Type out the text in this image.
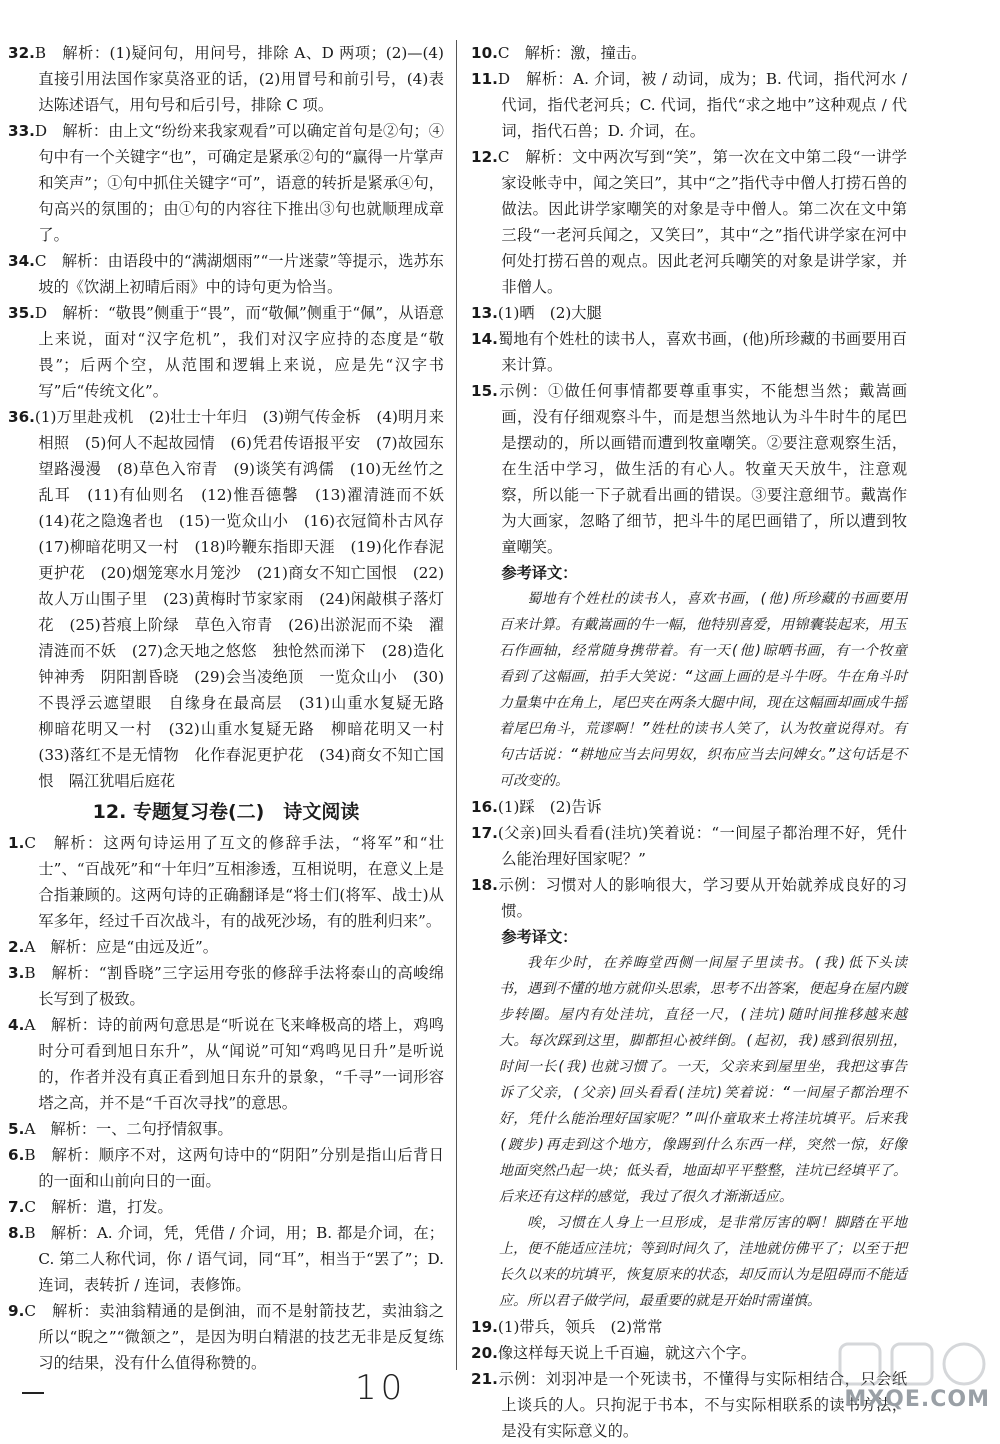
32.B　解析：(1)疑问句，用问号，排除 A、D 两项；(2)—(4)直接引用法国作家莫洛亚的话，(2)用冒号和前引号，(4)表达陈述语气，用句号和后引号，排除 C 项。
33.D　解析：由上文“纷纷来我家观看”可以确定首句是②句；④句中有一个关键字“也”，可确定是紧承②句的“赢得一片掌声和笑声”；①句中抓住关键字“可”，语意的转折是紧承④句，句高兴的氛围的；由①句的内容往下推出③句也就顺理成章了。
34.C　解析：由语段中的“满湖烟雨”“一片迷蒙”等提示，选苏东坡的《饮湖上初晴后雨》中的诗句更为恰当。
35.D　解析：“敬畏”侧重于“畏”，而“敬佩”侧重于“佩”，从语意上来说，面对“汉字危机”，我们对汉字应持的态度是“敬畏”；后两个空，从范围和逻辑上来说，应是先“汉字书写”后“传统文化”。
36.(1)万里赴戎机　(2)壮士十年归　(3)朔气传金柝　(4)明月来相照　(5)何人不起故园情　(6)凭君传语报平安　(7)故园东望路漫漫　(8)草色入帘青　(9)谈笑有鸿儒　(10)无丝竹之乱耳　(11)有仙则名　(12)惟吾德馨　(13)濯清涟而不妖　(14)花之隐逸者也　(15)一览众山小　(16)衣冠简朴古风存　(17)柳暗花明又一村　(18)吟鞭东指即天涯　(19)化作春泥更护花　(20)烟笼寒水月笼沙　(21)商女不知亡国恨　(22)故人万山围子里　(23)黄梅时节家家雨　(24)闲敲棋子落灯花　(25)苔痕上阶绿　草色入帘青　(26)出淤泥而不染　濯清涟而不妖　(27)念天地之悠悠　独怆然而涕下　(28)造化钟神秀　阴阳割昏晓　(29)会当凌绝顶　一览众山小　(30)不畏浮云遮望眼　自缘身在最高层　(31)山重水复疑无路　柳暗花明又一村　(32)山重水复疑无路　柳暗花明又一村　(33)落红不是无情物　化作春泥更护花　(34)商女不知亡国恨　隔江犹唱后庭花
12. 专题复习卷(二)　诗文阅读
1.C　解析：这两句诗运用了互文的修辞手法，“将军”和“壮士”、“百战死”和“十年归”互相渗透，互相说明，在意义上是合指兼顾的。这两句诗的正确翻译是“将士们(将军、战士)从军多年，经过千百次战斗，有的战死沙场，有的胜利归来”。
2.A　解析：应是“由远及近”。
3.B　解析：“割昏晓”三字运用夸张的修辞手法将泰山的高峻绵长写到了极致。
4.A　解析：诗的前两句意思是“听说在飞来峰极高的塔上，鸡鸣时分可看到旭日东升”，从“闻说”可知“鸡鸣见日升”是听说的，作者并没有真正看到旭日东升的景象，“千寻”一词形容塔之高，并不是“千百次寻找”的意思。
5.A　解析：一、二句抒情叙事。
6.B　解析：顺序不对，这两句诗中的“阴阳”分别是指山后背日的一面和山前向日的一面。
7.C　解析：遣，打发。
8.B　解析：A. 介词，凭，凭借 / 介词，用；B. 都是介词，在；C. 第二人称代词，你 / 语气词，同“耳”，相当于“罢了”；D. 连词，表转折 / 连词，表修饰。
9.C　解析：卖油翁精通的是倒油，而不是射箭技艺，卖油翁之所以“睨之”“微颔之”，是因为明白精湛的技艺无非是反复练习的结果，没有什么值得称赞的。
10.C　解析：激，撞击。
11.D　解析：A. 介词，被 / 动词，成为；B. 代词，指代河水 / 代词，指代老河兵；C. 代词，指代“求之地中”这种观点 / 代词，指代石兽；D. 介词，在。
12.C　解析：文中两次写到“笑”，第一次在文中第二段“一讲学家设帐寺中，闻之笑曰”，其中“之”指代寺中僧人打捞石兽的做法。因此讲学家嘲笑的对象是寺中僧人。第二次在文中第三段“一老河兵闻之，又笑曰”，其中“之”指代讲学家在河中何处打捞石兽的观点。因此老河兵嘲笑的对象是讲学家，并非僧人。
13.(1)晒　(2)大腿
14.蜀地有个姓杜的读书人，喜欢书画，(他)所珍藏的书画要用百来计算。
15.示例：①做任何事情都要尊重事实，不能想当然；戴嵩画画，没有仔细观察斗牛，而是想当然地认为斗牛时牛的尾巴是摆动的，所以画错而遭到牧童嘲笑。②要注意观察生活，在生活中学习，做生活的有心人。牧童天天放牛，注意观察，所以能一下子就看出画的错误。③要注意细节。戴嵩作为大画家，忽略了细节，把斗牛的尾巴画错了，所以遭到牧童嘲笑。
参考译文：
蜀地有个姓杜的读书人，喜欢书画，(他)所珍藏的书画要用百来计算。有戴嵩画的牛一幅，他特别喜爱，用锦囊装起来，用玉石作画轴，经常随身携带着。有一天(他)晾晒书画，有一个牧童看到了这幅画，拍手大笑说：“这画上画的是斗牛呀。牛在角斗时力量集中在角上，尾巴夹在两条大腿中间，现在这幅画却画成牛摇着尾巴角斗，荒谬啊！”姓杜的读书人笑了，认为牧童说得对。有句古话说：“耕地应当去问男奴，织布应当去问婢女。”这句话是不可改变的。
16.(1)踩　(2)告诉
17.(父亲)回头看看(洼坑)笑着说：“一间屋子都治理不好，凭什么能治理好国家呢？”
18.示例：习惯对人的影响很大，学习要从开始就养成良好的习惯。
参考译文：
我年少时，在养晦堂西侧一间屋子里读书。(我)低下头读书，遇到不懂的地方就仰头思索，思考不出答案，便起身在屋内踱步转圈。屋内有处洼坑，直径一尺，(洼坑)随时间推移越来越大。每次踩到这里，脚都担心被绊倒。(起初，我)感到很别扭，时间一长(我)也就习惯了。一天，父亲来到屋里坐，我把这事告诉了父亲，(父亲)回头看看(洼坑)笑着说：“一间屋子都治理不好，凭什么能治理好国家呢？”叫仆童取来土将洼坑填平。后来我(踱步)再走到这个地方，像踢到什么东西一样，突然一惊，好像地面突然凸起一块；低头看，地面却平平整整，洼坑已经填平了。后来还有这样的感觉，我过了很久才渐渐适应。
唉，习惯在人身上一旦形成，是非常厉害的啊！脚踏在平地上，便不能适应洼坑；等到时间久了，洼地就仿佛平了；以至于把长久以来的坑填平，恢复原来的状态，却反而认为是阻碍而不能适应。所以君子做学问，最重要的就是开始时需谨慎。
19.(1)带兵，领兵　(2)常常
20.像这样每天说上千百遍，就这六个字。
21.示例：刘羽冲是一个死读书，不懂得与实际相结合，只会纸上谈兵的人。只拘泥于书本，不与实际相联系的读书方法，是没有实际意义的。
10	MXQE.COM
